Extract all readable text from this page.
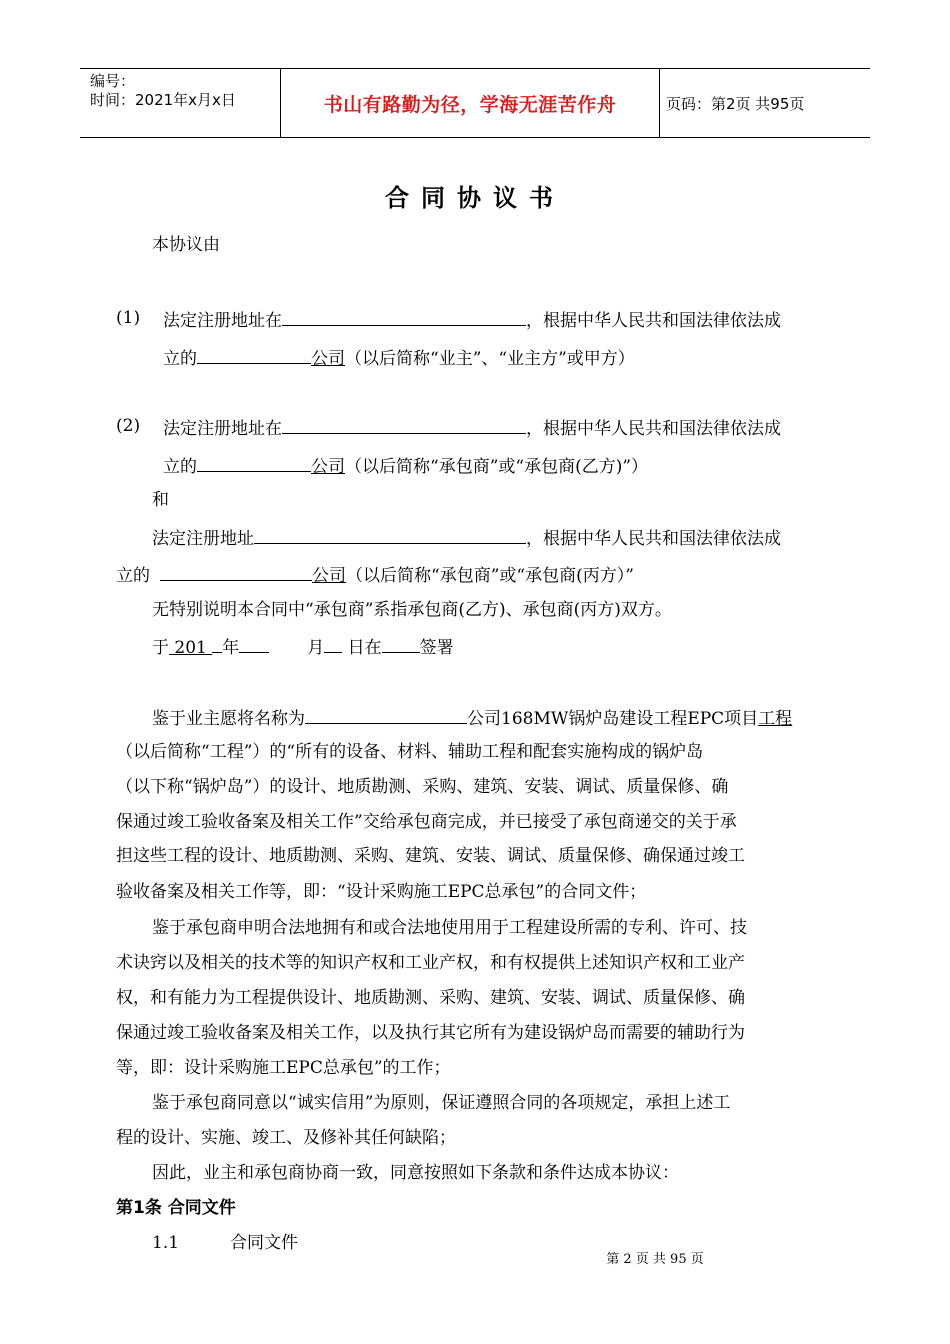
编号：
时间：2021年x月x日	书山有路勤为径，学海无涯苦作舟	页码：第2页 共95页
合同协议书
本协议由
(1) 法定注册地址在	，根据中华人民共和国法律依法成
立的	公司（以后简称“业主”、“业主方”或甲方）
(2) 法定注册地址在	，根据中华人民共和国法律依法成
立的	公司（以后简称“承包商”或“承包商(乙方)”）
和
法定注册地址	，根据中华人民共和国法律依法成
立的	公司（以后简称“承包商”或“承包商(丙方）”
无特别说明本合同中“承包商”系指承包商(乙方)、承包商(丙方)双方。
于 201 年	月 日在 签署
鉴于业主愿将名称为	公司168MW锅炉岛建设工程EPC项目工程
（以后简称“工程”）的“所有的设备、材料、辅助工程和配套实施构成的锅炉岛
（以下称“锅炉岛”）的设计、地质勘测、采购、建筑、安装、调试、质量保修、确
保通过竣工验收备案及相关工作”交给承包商完成，并已接受了承包商递交的关于承
担这些工程的设计、地质勘测、采购、建筑、安装、调试、质量保修、确保通过竣工
验收备案及相关工作等，即：“设计采购施工EPC总承包”的合同文件；
鉴于承包商申明合法地拥有和或合法地使用用于工程建设所需的专利、许可、技
术诀窍以及相关的技术等的知识产权和工业产权，和有权提供上述知识产权和工业产
权，和有能力为工程提供设计、地质勘测、采购、建筑、安装、调试、质量保修、确
保通过竣工验收备案及相关工作，以及执行其它所有为建设锅炉岛而需要的辅助行为
等，即：设计采购施工EPC总承包”的工作；
鉴于承包商同意以“诚实信用”为原则，保证遵照合同的各项规定，承担上述工
程的设计、实施、竣工、及修补其任何缺陷；
因此，业主和承包商协商一致，同意按照如下条款和条件达成本协议：
第1条 合同文件
1.1	合同文件
第 2 页 共 95 页
